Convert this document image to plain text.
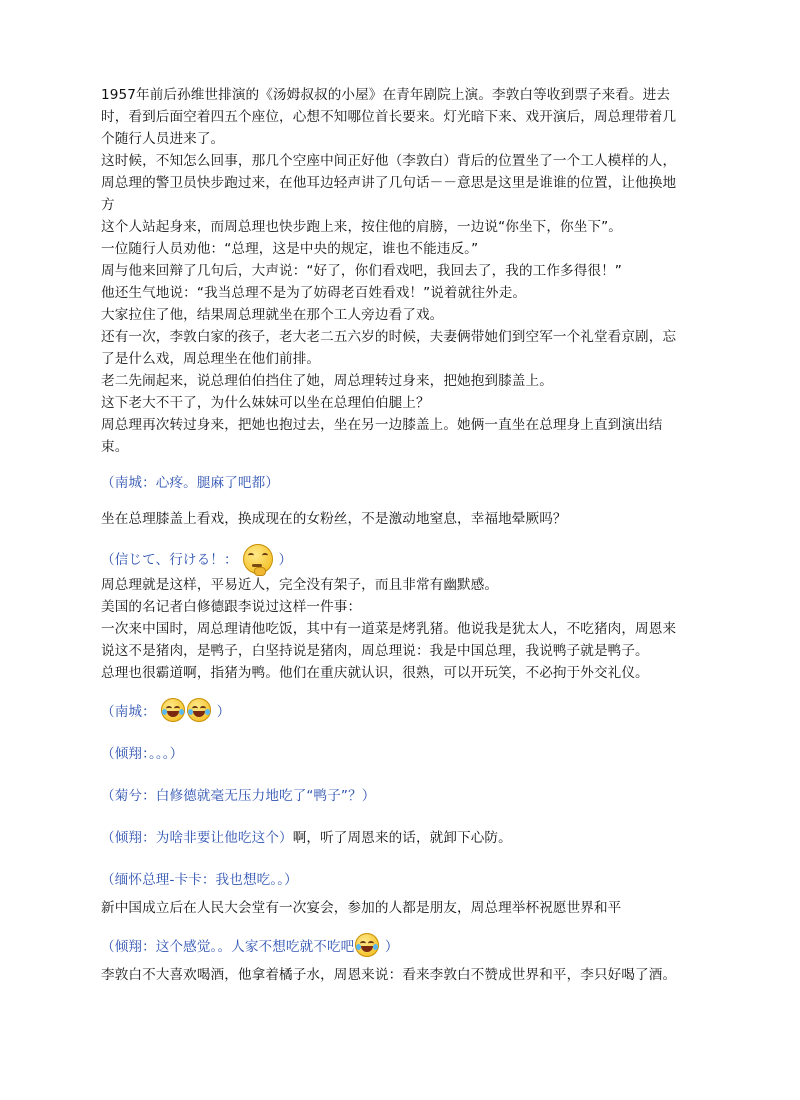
1957年前后孙维世排演的《汤姆叔叔的小屋》在青年剧院上演。李敦白等收到票子来看。进去时，看到后面空着四五个座位，心想不知哪位首长要来。灯光暗下来、戏开演后，周总理带着几个随行人员进来了。

这时候，不知怎么回事，那几个空座中间正好他（李敦白）背后的位置坐了一个工人模样的人，周总理的警卫员快步跑过来，在他耳边轻声讲了几句话－－意思是这里是谁谁的位置，让他换地方

这个人站起身来，而周总理也快步跑上来，按住他的肩膀，一边说“你坐下，你坐下”。

一位随行人员劝他：“总理，这是中央的规定，谁也不能违反。”

周与他来回辩了几句后，大声说：“好了，你们看戏吧，我回去了，我的工作多得很！”

他还生气地说：“我当总理不是为了妨碍老百姓看戏！”说着就往外走。

大家拉住了他，结果周总理就坐在那个工人旁边看了戏。

还有一次，李敦白家的孩子，老大老二五六岁的时候，夫妻俩带她们到空军一个礼堂看京剧，忘了是什么戏，周总理坐在他们前排。

老二先闹起来，说总理伯伯挡住了她，周总理转过身来，把她抱到膝盖上。

这下老大不干了，为什么妹妹可以坐在总理伯伯腿上？

周总理再次转过身来，把她也抱过去，坐在另一边膝盖上。她俩一直坐在总理身上直到演出结束。

（南城：心疼。腿麻了吧都）

坐在总理膝盖上看戏，换成现在的女粉丝，不是激动地窒息，幸福地晕厥吗？

（信じて、行ける！：	）

周总理就是这样，平易近人，完全没有架子，而且非常有幽默感。

美国的名记者白修德跟李说过这样一件事：

一次来中国时，周总理请他吃饭，其中有一道菜是烤乳猪。他说我是犹太人，不吃猪肉，周恩来说这不是猪肉，是鸭子，白坚持说是猪肉，周总理说：我是中国总理，我说鸭子就是鸭子。

总理也很霸道啊，指猪为鸭。他们在重庆就认识，很熟，可以开玩笑，不必拘于外交礼仪。

（南城：	）

（倾翔：。。。）

（菊兮：白修德就毫无压力地吃了“鸭子”？）

（倾翔：为啥非要让他吃这个）啊，听了周恩来的话，就卸下心防。

（缅怀总理-卡卡：我也想吃。。）

新中国成立后在人民大会堂有一次宴会，参加的人都是朋友，周总理举杯祝愿世界和平

（倾翔：这个感觉。。人家不想吃就不吃吧 ）

李敦白不大喜欢喝酒，他拿着橘子水，周恩来说：看来李敦白不赞成世界和平，李只好喝了酒。
